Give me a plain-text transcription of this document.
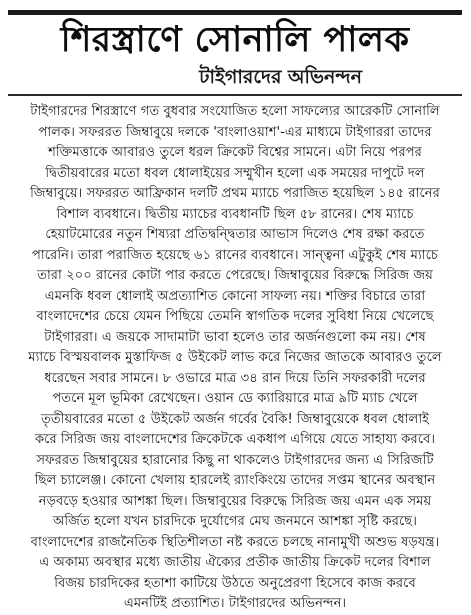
শিরস্ত্রাণে সোনালি পালক
টাইগারদের অভিনন্দন
টাইগারদের শিরস্ত্রাণে গত বুধবার সংযোজিত হলো সাফল্যের আরেকটি সোনালি
পালক। সফররত জিম্বাবুয়ে দলকে 'বাংলাওয়াশ'-এর মাধ্যমে টাইগাররা তাদের
শক্তিমত্তাকে আবারও তুলে ধরল ক্রিকেট বিশ্বের সামনে। এটা নিয়ে পরপর
দ্বিতীয়বারের মতো ধবল ধোলাইয়ের সম্মুখীন হলো এক সময়ের দাপুটে দল
জিম্বাবুয়ে। সফররত আফ্রিকান দলটি প্রথম ম্যাচে পরাজিত হয়েছিল ১৪৫ রানের
বিশাল ব্যবধানে। দ্বিতীয় ম্যাচের ব্যবধানটি ছিল ৫৮ রানের। শেষ ম্যাচে
হেয়াটমোরের নতুন শিষ্যরা প্রতিদ্বন্দ্বিতার আভাস দিলেও শেষ রক্ষা করতে
পারেনি। তারা পরাজিত হয়েছে ৬১ রানের ব্যবধানে। সান্ত্বনা এটুকুই শেষ ম্যাচে
তারা ২০০ রানের কোটা পার করতে পেরেছে। জিম্বাবুয়ের বিরুদ্ধে সিরিজ জয়
এমনকি ধবল ধোলাই অপ্রত্যাশিত কোনো সাফল্য নয়। শক্তির বিচারে তারা
বাংলাদেশের চেয়ে যেমন পিছিয়ে তেমনি স্বাগতিক দলের সুবিধা নিয়ে খেলেছে
টাইগাররা। এ জয়কে সাদামাটা ভাবা হলেও তার অর্জনগুলো কম নয়। শেষ
ম্যাচে বিস্ময়বালক মুস্তাফিজ ৫ উইকেট লাভ করে নিজের জাতকে আবারও তুলে
ধরেছেন সবার সামনে। ৮ ওভারে মাত্র ৩৪ রান দিয়ে তিনি সফরকারী দলের
পতনে মূল ভূমিকা রেখেছেন। ওয়ান ডে ক্যারিয়ারে মাত্র ৯টি ম্যাচ খেলে
তৃতীয়বারের মতো ৫ উইকেট অর্জন গর্বের বৈকি! জিম্বাবুয়েকে ধবল ধোলাই
করে সিরিজ জয় বাংলাদেশের ক্রিকেটকে একধাপ এগিয়ে যেতে সাহায্য করবে।
সফররত জিম্বাবুয়ের হারানোর কিছু না থাকলেও টাইগারদের জন্য এ সিরিজটি
ছিল চ্যালেঞ্জ। কোনো খেলায় হারলেই র‌্যাংকিংয়ে তাদের সপ্তম স্থানের অবস্থান
নড়বড়ে হওয়ার আশঙ্কা ছিল। জিম্বাবুয়ের বিরুদ্ধে সিরিজ জয় এমন এক সময়
অর্জিত হলো যখন চারদিকে দুর্যোগের মেঘ জনমনে আশঙ্কা সৃষ্টি করছে।
বাংলাদেশের রাজনৈতিক স্থিতিশীলতা নষ্ট করতে চলছে নানামুখী অশুভ ষড়যন্ত্র।
এ অকাম্য অবস্থার মধ্যে জাতীয় ঐক্যের প্রতীক জাতীয় ক্রিকেট দলের বিশাল
বিজয় চারদিকের হতাশা কাটিয়ে উঠতে অনুপ্রেরণা হিসেবে কাজ করবে
এমনটিই প্রত্যাশিত। টাইগারদের অভিনন্দন।
